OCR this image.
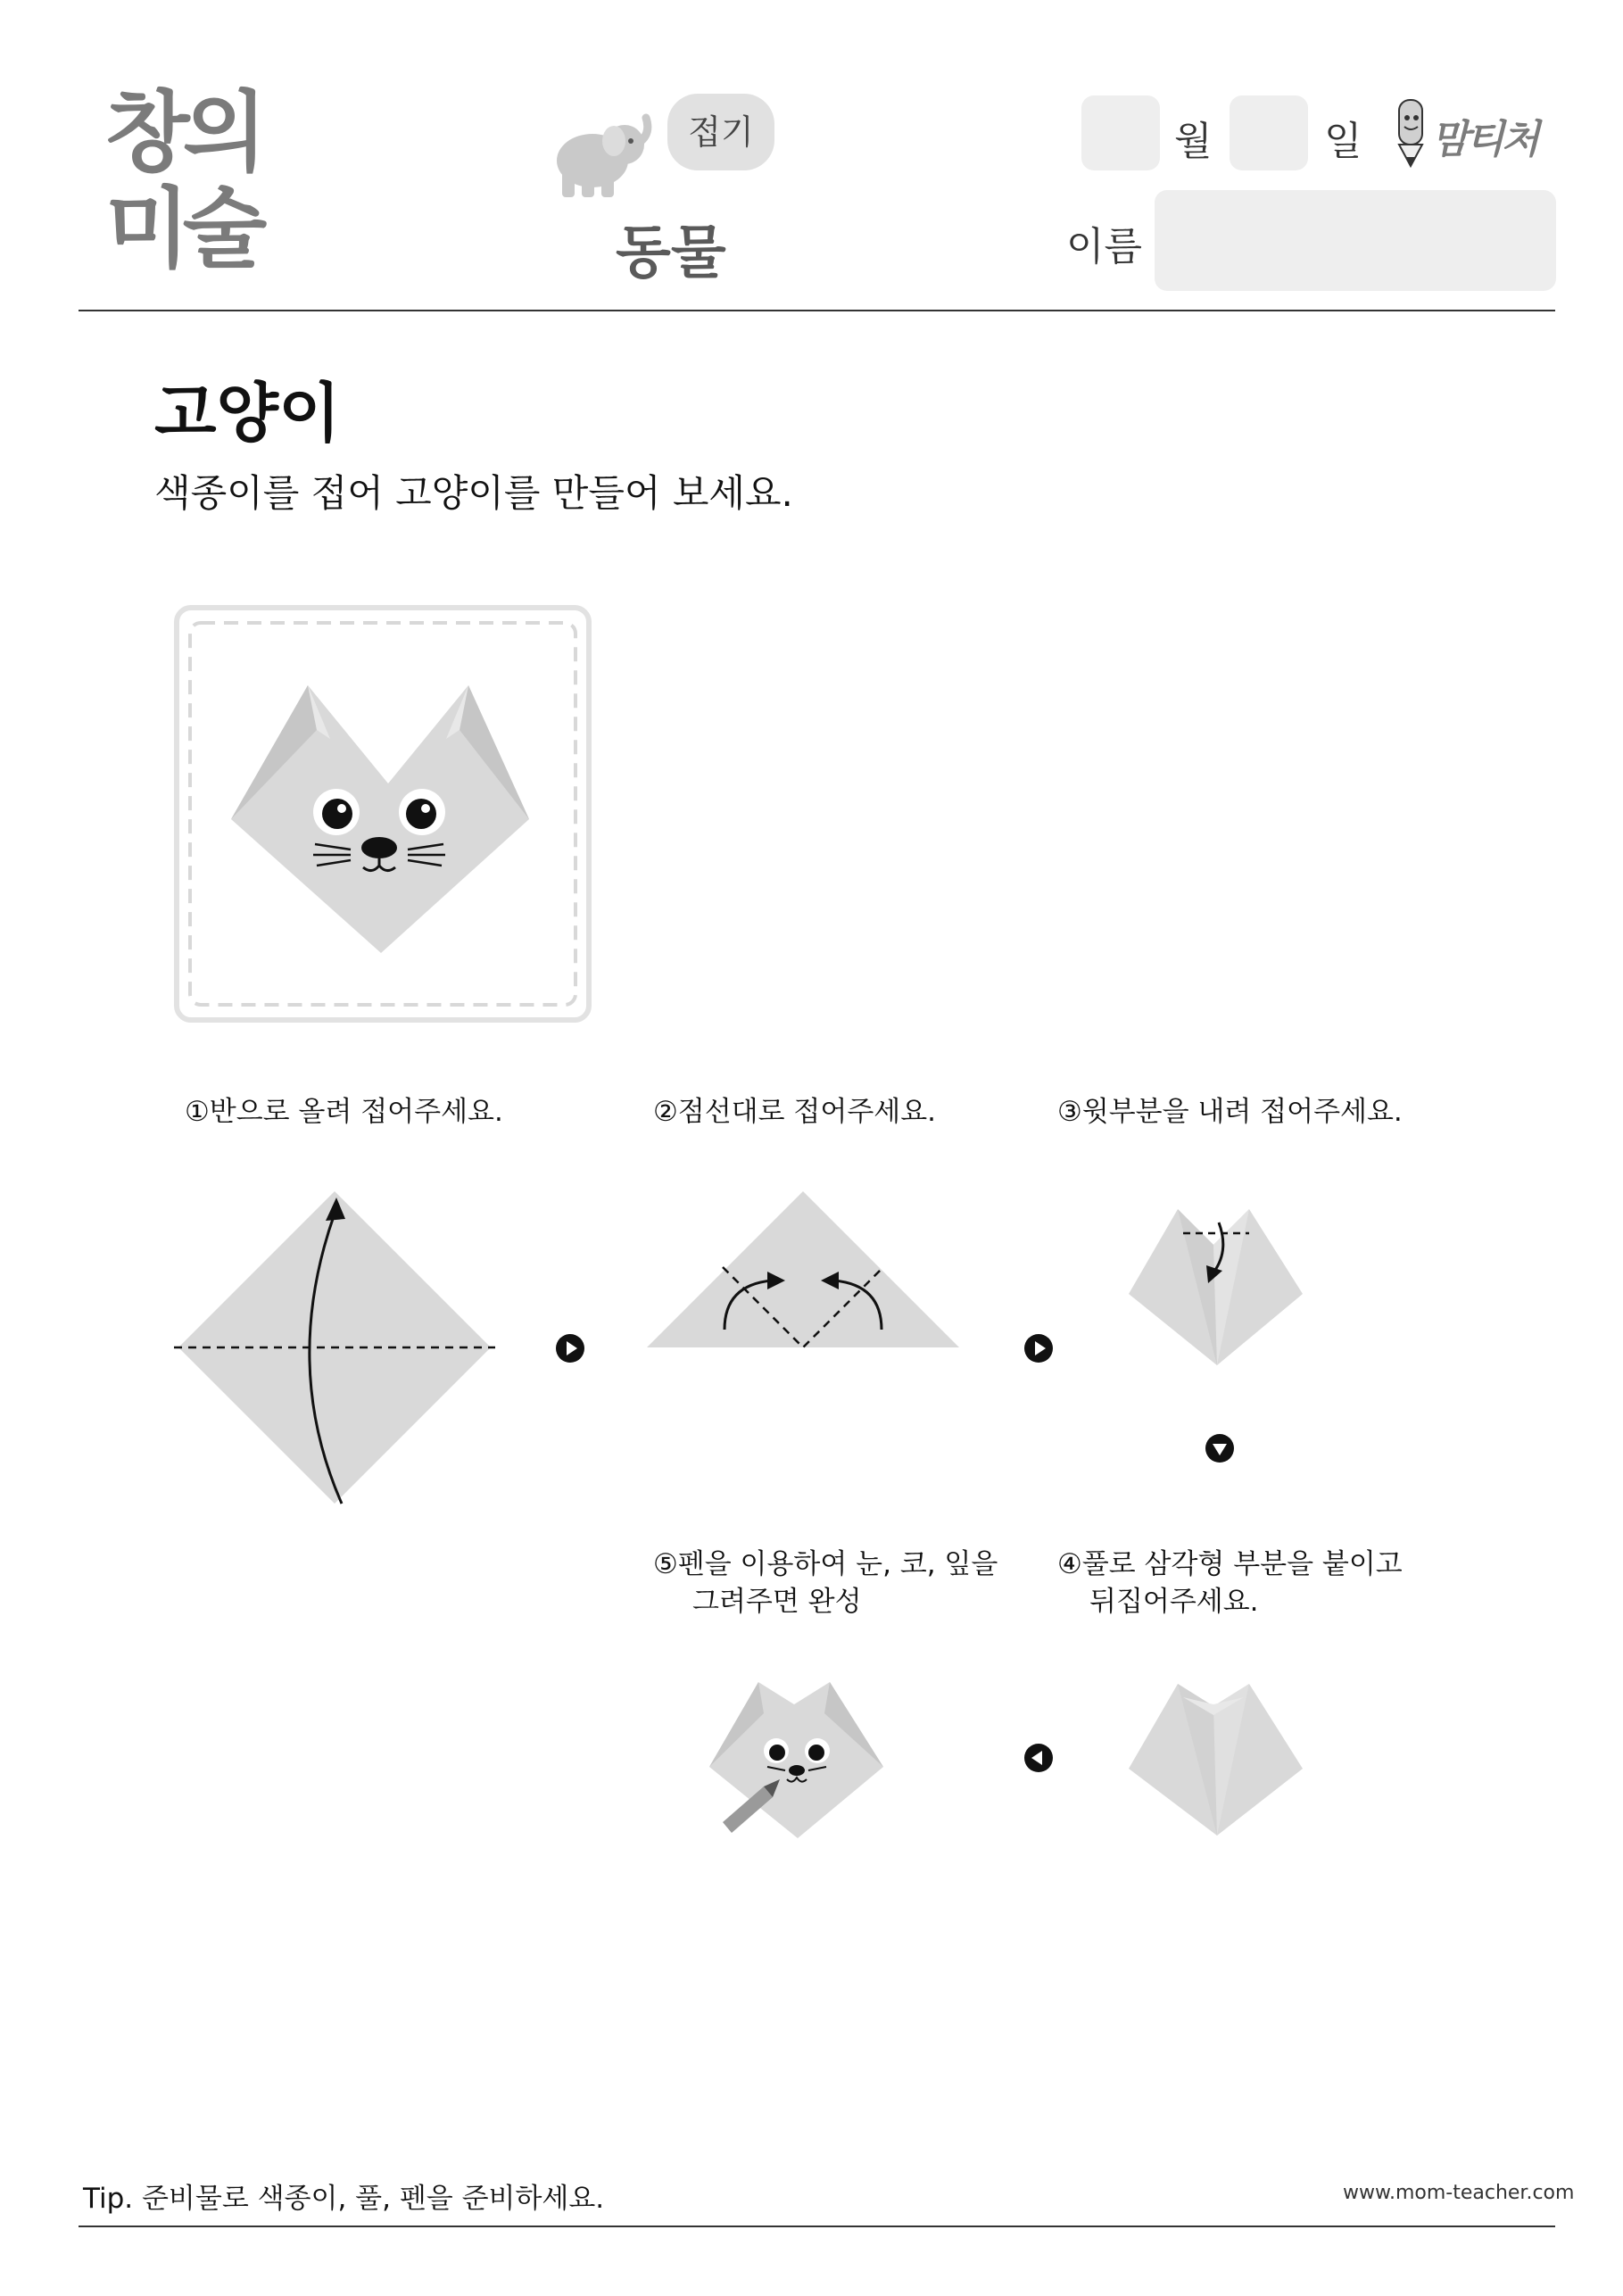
창의
미술
접기
동물
월	일
이름
맘티처
고양이
색종이를 접어 고양이를 만들어 보세요.
①반으로 올려 접어주세요.	②점선대로 접어주세요.	③윗부분을 내려 접어주세요.
④풀로 삼각형 부분을 붙이고
뒤집어주세요.
⑤펜을 이용하여 눈, 코, 잎을
그려주면 완성
Tip. 준비물로 색종이, 풀, 펜을 준비하세요.	www.mom-teacher.com
